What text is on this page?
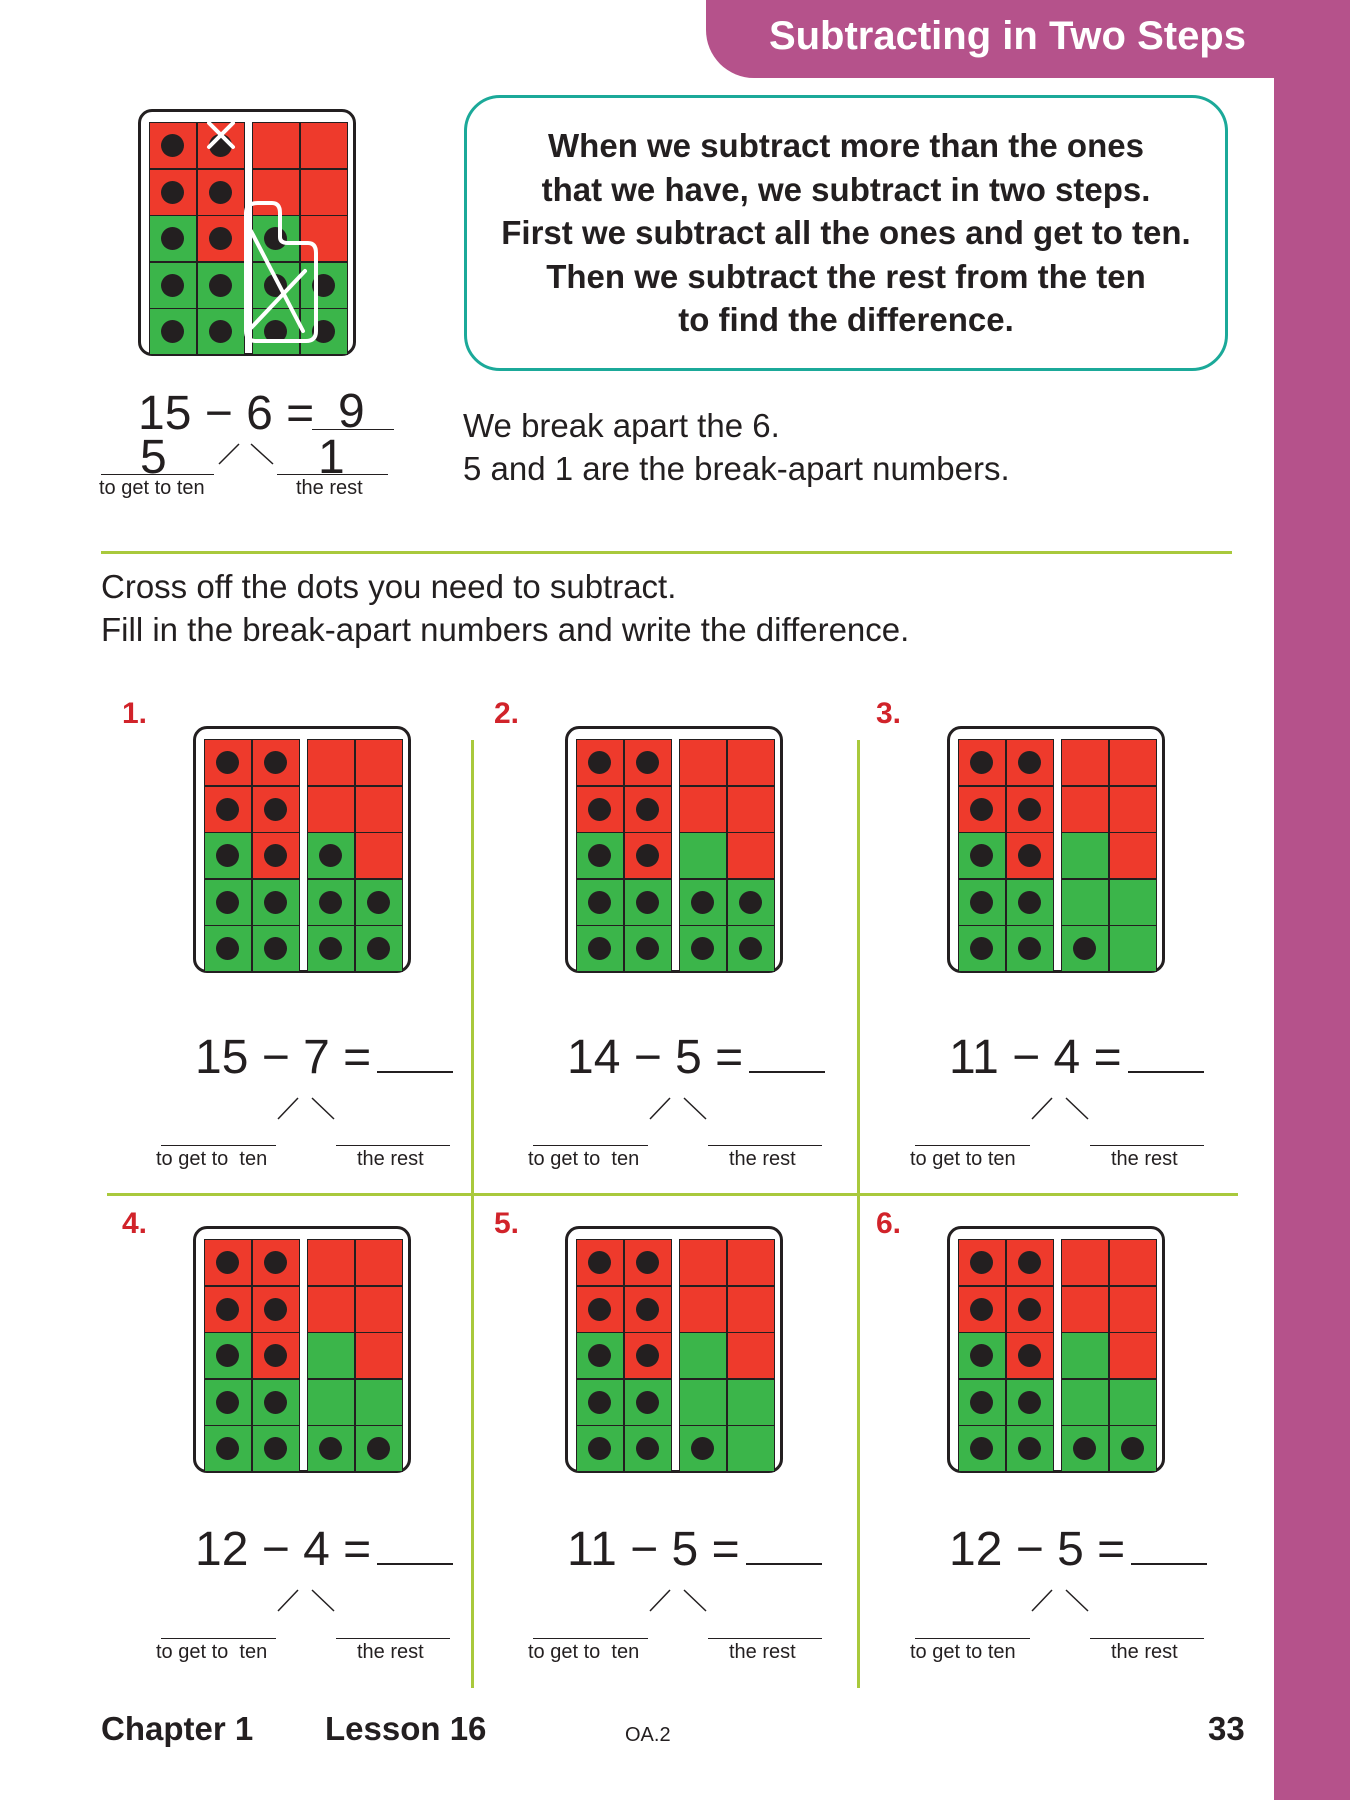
Subtracting in Two Steps
When we subtract more than the ones
that we have, we subtract in two steps.
First we subtract all the ones and get to ten.
Then we subtract the rest from the ten
to find the difference.
15 − 6 = 9
5	1
to get to ten	the rest
We break apart the 6.
5 and 1 are the break-apart numbers.
Cross off the dots you need to subtract.
Fill in the break-apart numbers and write the difference.
1.
15 − 7 =
to get to  ten	the rest
2.
14 − 5 =
to get to  ten	the rest
3.
11 − 4 =
to get to ten	the rest
4.
12 − 4 =
to get to  ten	the rest
5.
11 − 5 =
to get to  ten	the rest
6.
12 − 5 =
to get to ten	the rest
Chapter 1 Lesson 16	OA.2	33
